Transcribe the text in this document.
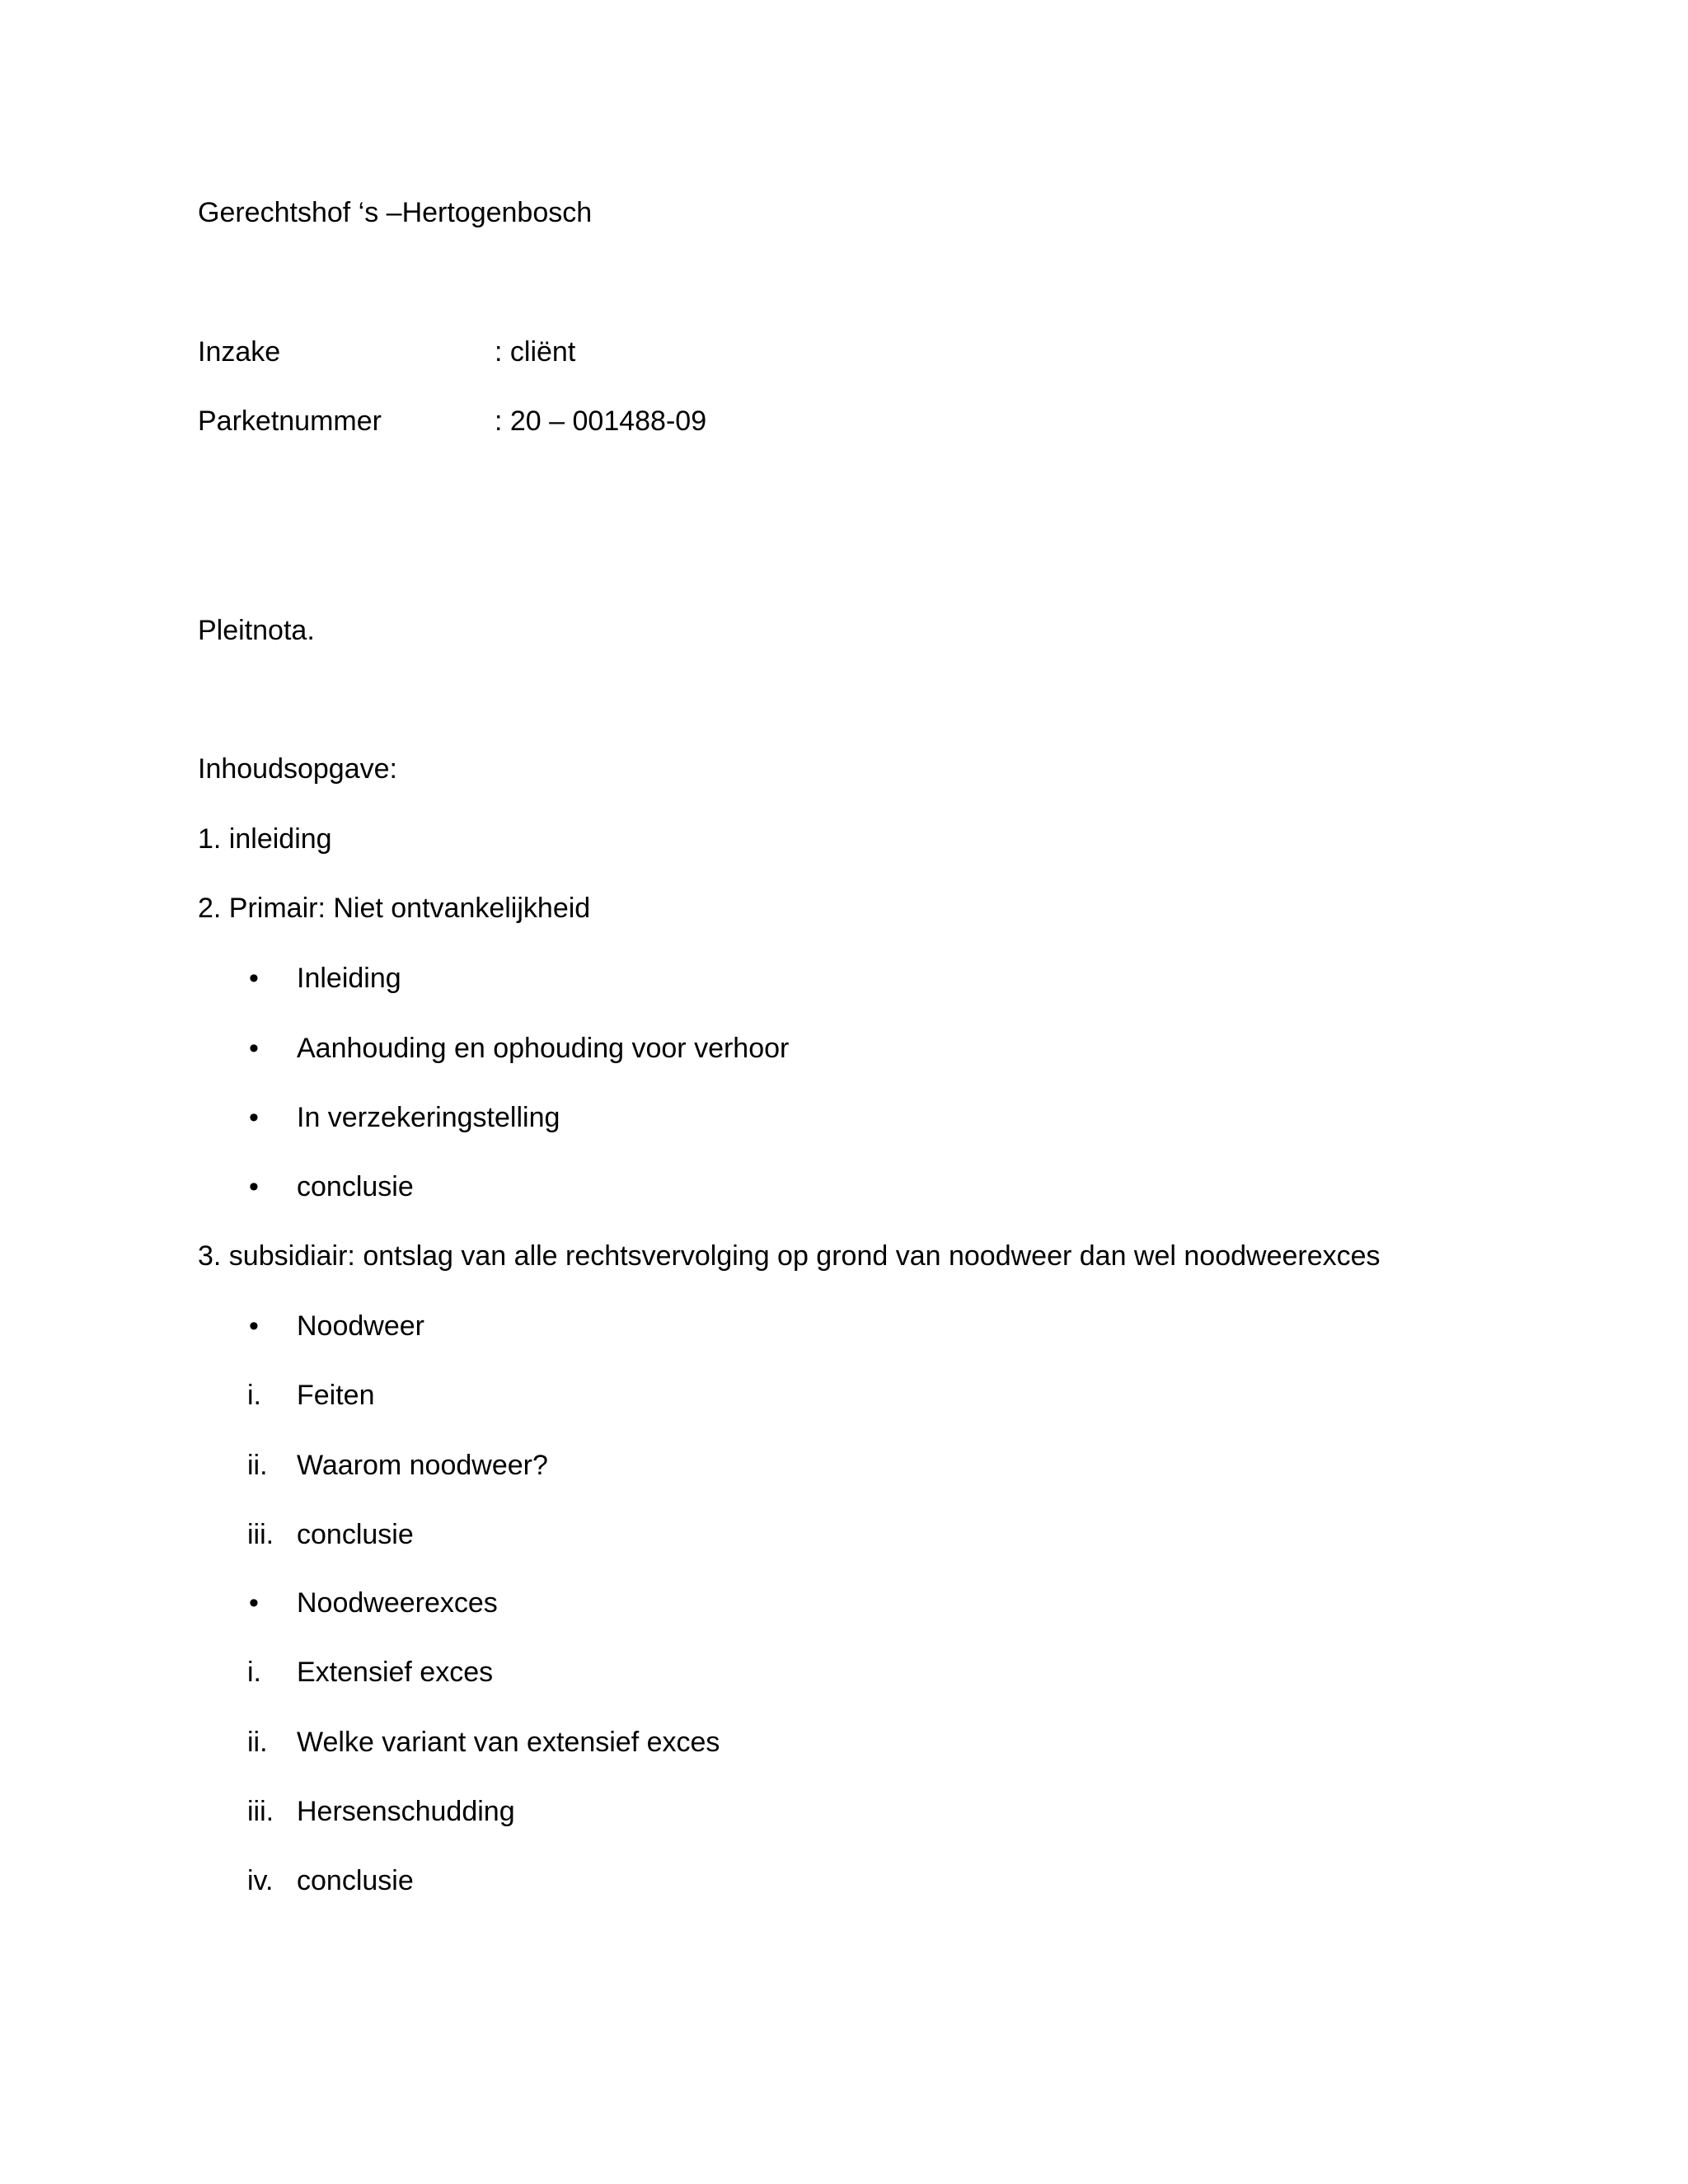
Gerechtshof ‘s –Hertogenbosch
Inzake	: cliënt
Parketnummer	: 20 – 001488-09
Pleitnota.
Inhoudsopgave:
1. inleiding
2. Primair: Niet ontvankelijkheid
• Inleiding
• Aanhouding en ophouding voor verhoor
• In verzekeringstelling
• conclusie
3. subsidiair: ontslag van alle rechtsvervolging op grond van noodweer dan wel noodweerexces
• Noodweer
i. Feiten
ii. Waarom noodweer?
iii. conclusie
• Noodweerexces
i. Extensief exces
ii. Welke variant van extensief exces
iii. Hersenschudding
iv. conclusie
